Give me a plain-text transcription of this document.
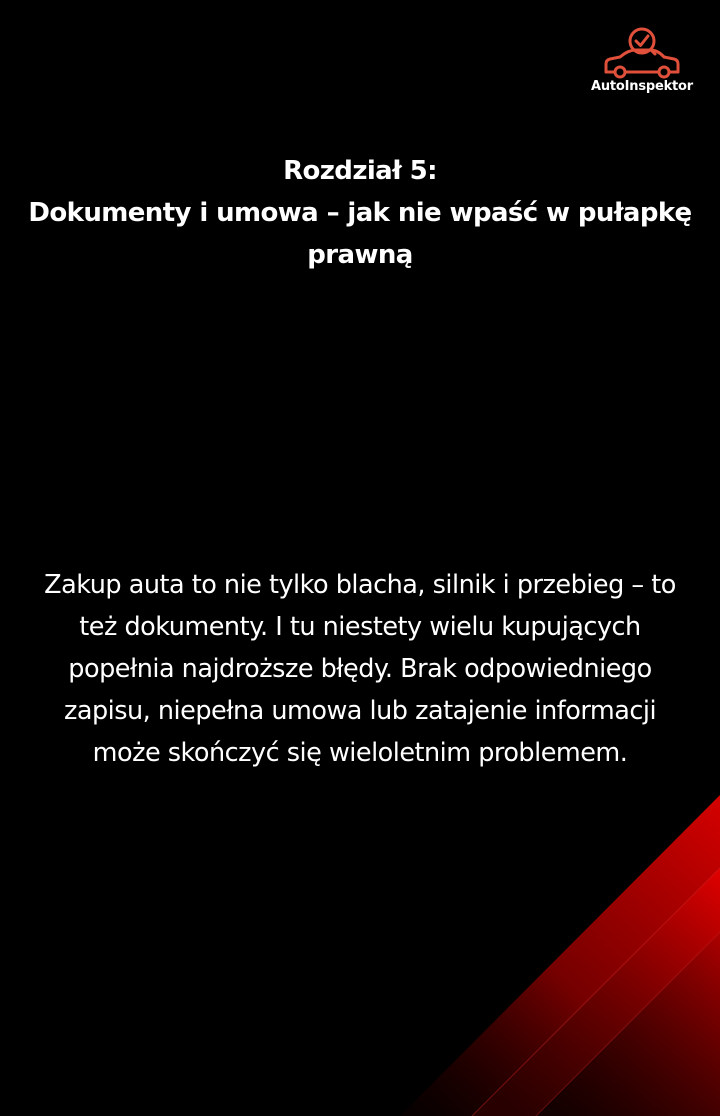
AutoInspektor
Rozdział 5:
Dokumenty i umowa – jak nie wpaść w pułapkę
prawną
Zakup auta to nie tylko blacha, silnik i przebieg – to
też dokumenty. I tu niestety wielu kupujących
popełnia najdroższe błędy. Brak odpowiedniego
zapisu, niepełna umowa lub zatajenie informacji
może skończyć się wieloletnim problemem.
